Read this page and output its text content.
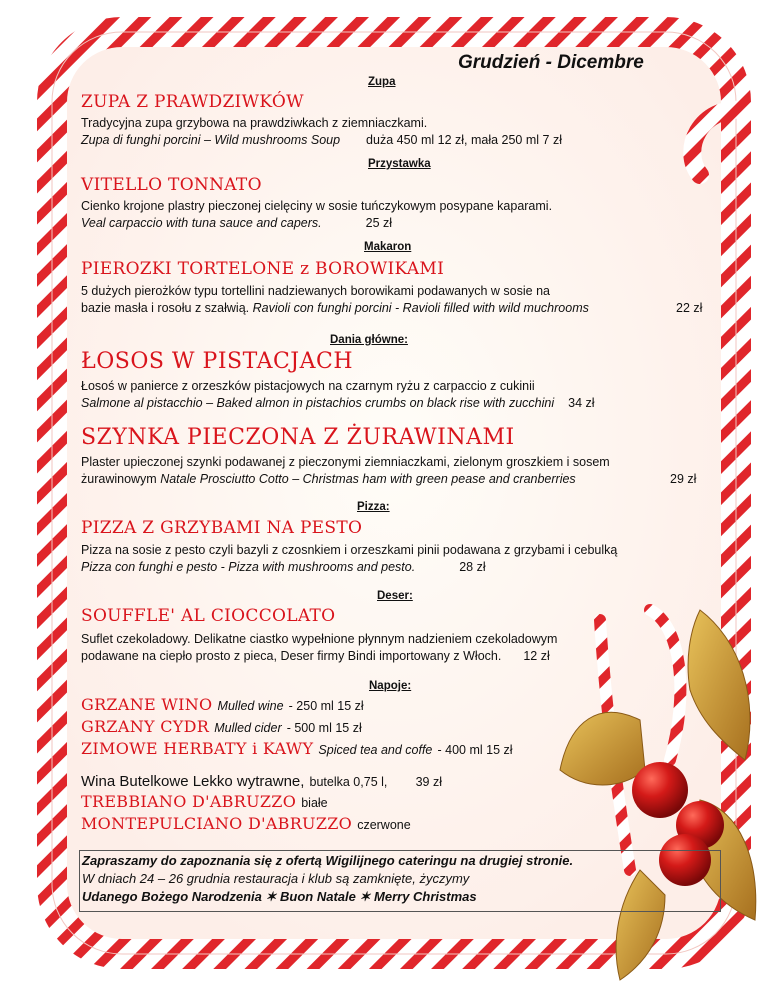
Grudzień - Dicembre
Zupa
ZUPA Z PRAWDZIWKÓW
Tradycyjna zupa grzybowa na prawdziwkach z ziemniaczkami.
Zupa di funghi porcini – Wild mushrooms Soup duża 450 ml 12 zł, mała 250 ml 7 zł
Przystawka
VITELLO TONNATO
Cienko krojone plastry pieczonej cielęciny w sosie tuńczykowym posypane kaparami.
Veal carpaccio with tuna sauce and capers.	25 zł
Makaron
PIEROZKI TORTELONE z BOROWIKAMI
5 dużych pierożków typu tortellini nadziewanych borowikami podawanych w sosie na
bazie masła i rosołu z szałwią. Ravioli con funghi porcini - Ravioli filled with wild muchrooms	22 zł
Dania główne:
ŁOSOS W PISTACJACH
Łosoś w panierce z orzeszków pistacjowych na czarnym ryżu z carpaccio z cukinii
Salmone al pistacchio – Baked almon in pistachios crumbs on black rise with zucchini 34 zł
SZYNKA PIECZONA Z ŻURAWINAMI
Plaster upieczonej szynki podawanej z pieczonymi ziemniaczkami, zielonym groszkiem i sosem
żurawinowym Natale Prosciutto Cotto – Christmas ham with green pease and cranberries	29 zł
Pizza:
PIZZA Z GRZYBAMI NA PESTO
Pizza na sosie z pesto czyli bazyli z czosnkiem i orzeszkami pinii podawana z grzybami i cebulką
Pizza con funghi e pesto - Pizza with mushrooms and pesto.	28 zł
Deser:
SOUFFLE' AL CIOCCOLATO
Suflet czekoladowy. Delikatne ciastko wypełnione płynnym nadzieniem czekoladowym
podawane na ciepło prosto z pieca, Deser firmy Bindi importowany z Włoch. 12 zł
Napoje:
GRZANE WINO Mulled wine - 250 ml 15 zł
GRZANY CYDR Mulled cider - 500 ml 15 zł
ZIMOWE HERBATY i KAWY Spiced tea and coffe - 400 ml 15 zł
Wina Butelkowe Lekko wytrawne, butelka 0,75 l, 39 zł
TREBBIANO D'ABRUZZO białe
MONTEPULCIANO D'ABRUZZO czerwone
Zapraszamy do zapoznania się z ofertą Wigilijnego cateringu na drugiej stronie.
W dniach 24 – 26 grudnia restauracja i klub są zamknięte, życzymy
Udanego Bożego Narodzenia ✶ Buon Natale ✶ Merry Christmas
